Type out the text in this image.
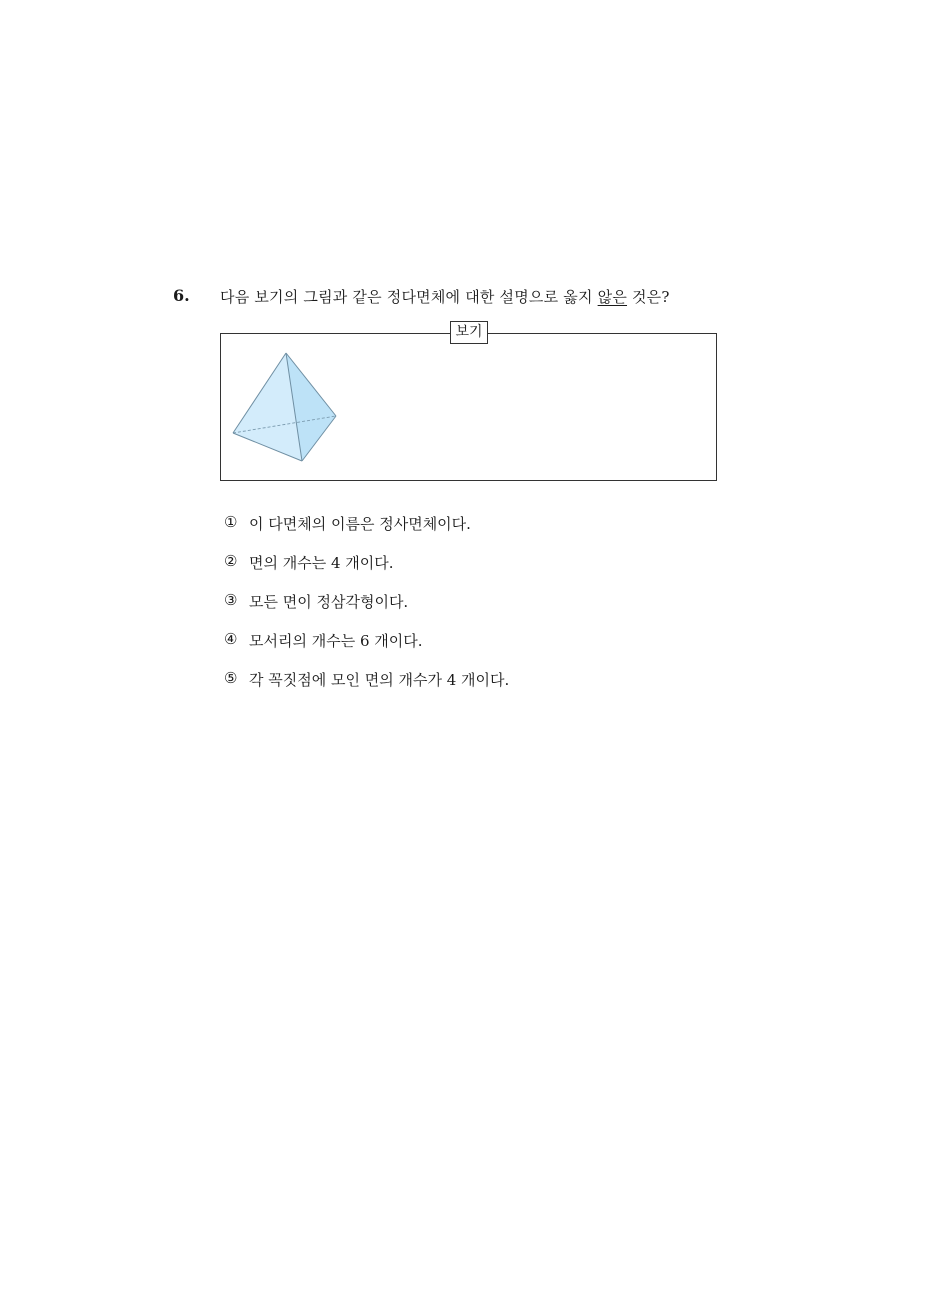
6. 다음 보기의 그림과 같은 정다면체에 대한 설명으로 옳지 않은 것은?
보기
① 이 다면체의 이름은 정사면체이다.
② 면의 개수는 4 개이다.
③ 모든 면이 정삼각형이다.
④ 모서리의 개수는 6 개이다.
⑤ 각 꼭짓점에 모인 면의 개수가 4 개이다.
